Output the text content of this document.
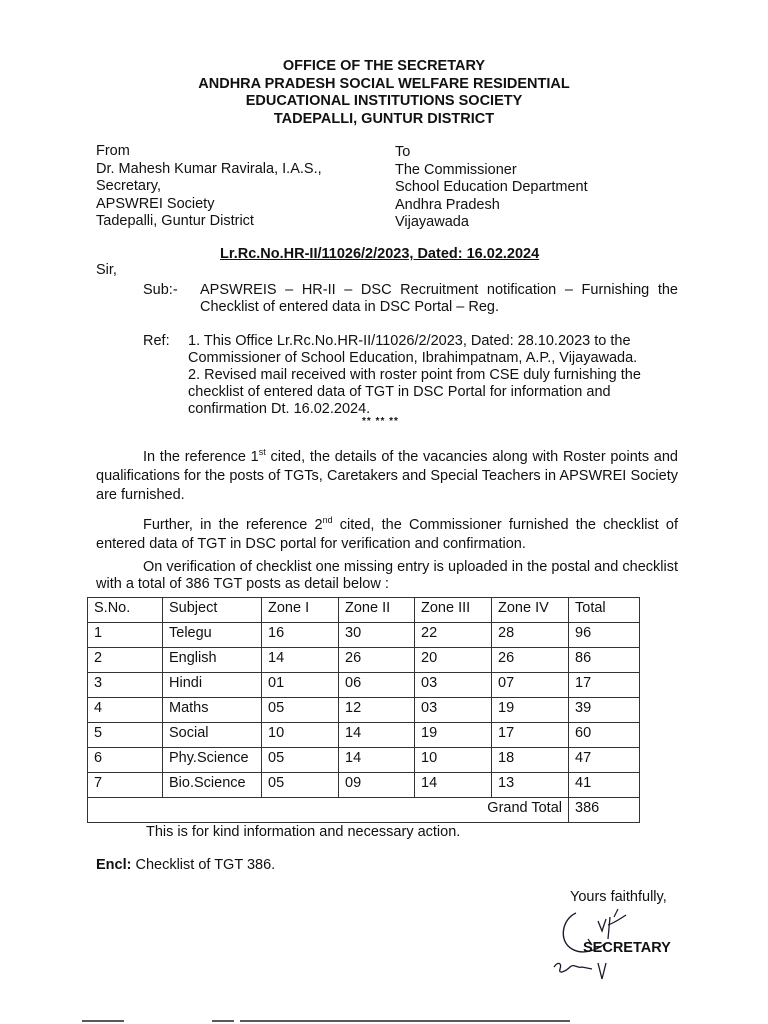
OFFICE OF THE SECRETARY
ANDHRA PRADESH SOCIAL WELFARE RESIDENTIAL
EDUCATIONAL INSTITUTIONS SOCIETY
TADEPALLI, GUNTUR DISTRICT
From
Dr. Mahesh Kumar Ravirala, I.A.S.,
Secretary,
APSWREI Society
Tadepalli, Guntur District
To
The Commissioner
School Education Department
Andhra Pradesh
Vijayawada
Lr.Rc.No.HR-II/11026/2/2023, Dated: 16.02.2024
Sir,
Sub:- APSWREIS – HR-II – DSC Recruitment notification – Furnishing the Checklist of entered data in DSC Portal – Reg.
Ref: 1. This Office Lr.Rc.No.HR-II/11026/2/2023, Dated: 28.10.2023 to the Commissioner of School Education, Ibrahimpatnam, A.P., Vijayawada.
2. Revised mail received with roster point from CSE duly furnishing the checklist of entered data of TGT in DSC Portal for information and confirmation Dt. 16.02.2024.
** ** **
In the reference 1st cited, the details of the vacancies along with Roster points and qualifications for the posts of TGTs, Caretakers and Special Teachers in APSWREI Society are furnished.
Further, in the reference 2nd cited, the Commissioner furnished the checklist of entered data of TGT in DSC portal for verification and confirmation.
On verification of checklist one missing entry is uploaded in the postal and checklist with a total of 386 TGT posts as detail below :
S.No.	Subject	Zone I	Zone II	Zone III	Zone IV	Total
1	Telegu	16	30	22	28	96
2	English	14	26	20	26	86
3	Hindi	01	06	03	07	17
4	Maths	05	12	03	19	39
5	Social	10	14	19	17	60
6	Phy.Science	05	14	10	18	47
7	Bio.Science	05	09	14	13	41
Grand Total						386
This is for kind information and necessary action.
Encl: Checklist of TGT 386.
Yours faithfully,
SECRETARY
